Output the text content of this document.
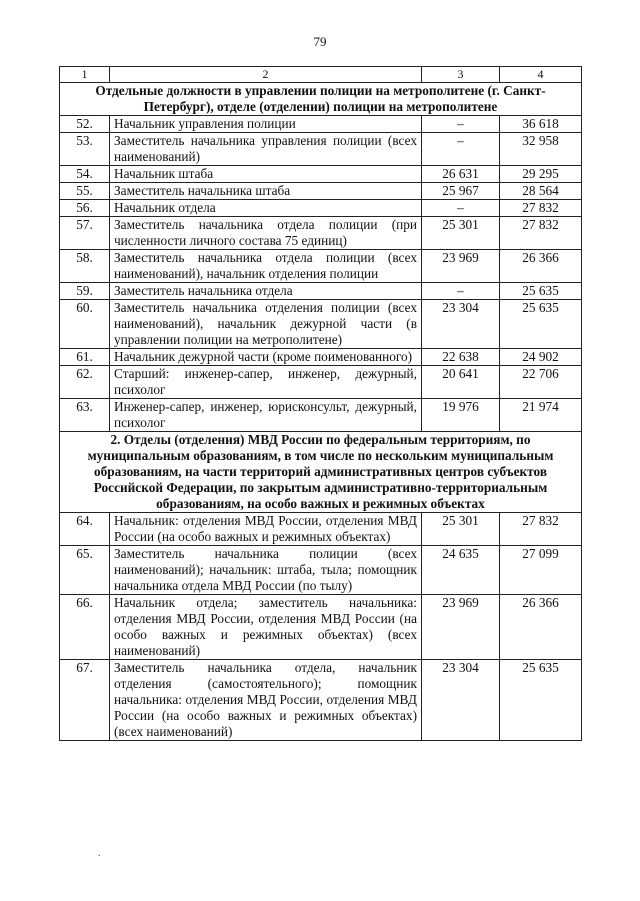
79
1	2	3	4
Отдельные должности в управлении полиции на метрополитене (г. Санкт-Петербург), отделе (отделении) полиции на метрополитене			
52.	Начальник управления полиции	–	36 618
53.	Заместитель начальника управления полиции (всех наименований)	–	32 958
54.	Начальник штаба	26 631	29 295
55.	Заместитель начальника штаба	25 967	28 564
56.	Начальник отдела	–	27 832
57.	Заместитель начальника отдела полиции (при численности личного состава 75 единиц)	25 301	27 832
58.	Заместитель начальника отдела полиции (всех наименований), начальник отделения полиции	23 969	26 366
59.	Заместитель начальника отдела	–	25 635
60.	Заместитель начальника отделения полиции (всех наименований), начальник дежурной части (в управлении полиции на метрополитене)	23 304	25 635
61.	Начальник дежурной части (кроме поименованного)	22 638	24 902
62.	Старший: инженер-сапер, инженер, дежурный, психолог	20 641	22 706
63.	Инженер-сапер, инженер, юрисконсульт, дежурный, психолог	19 976	21 974
2. Отделы (отделения) МВД России по федеральным территориям, по муниципальным образованиям, в том числе по нескольким муниципальным образованиям, на части территорий административных центров субъектов Российской Федерации, по закрытым административно-территориальным образованиям, на особо важных и режимных объектах			
64.	Начальник: отделения МВД России, отделения МВД России (на особо важных и режимных объектах)	25 301	27 832
65.	Заместитель начальника полиции (всех наименований); начальник: штаба, тыла; помощник начальника отдела МВД России (по тылу)	24 635	27 099
66.	Начальник отдела; заместитель начальника: отделения МВД России, отделения МВД России (на особо важных и режимных объектах) (всех наименований)	23 969	26 366
67.	Заместитель начальника отдела, начальник отделения (самостоятельного); помощник начальника: отделения МВД России, отделения МВД России (на особо важных и режимных объектах) (всех наименований)	23 304	25 635
.
